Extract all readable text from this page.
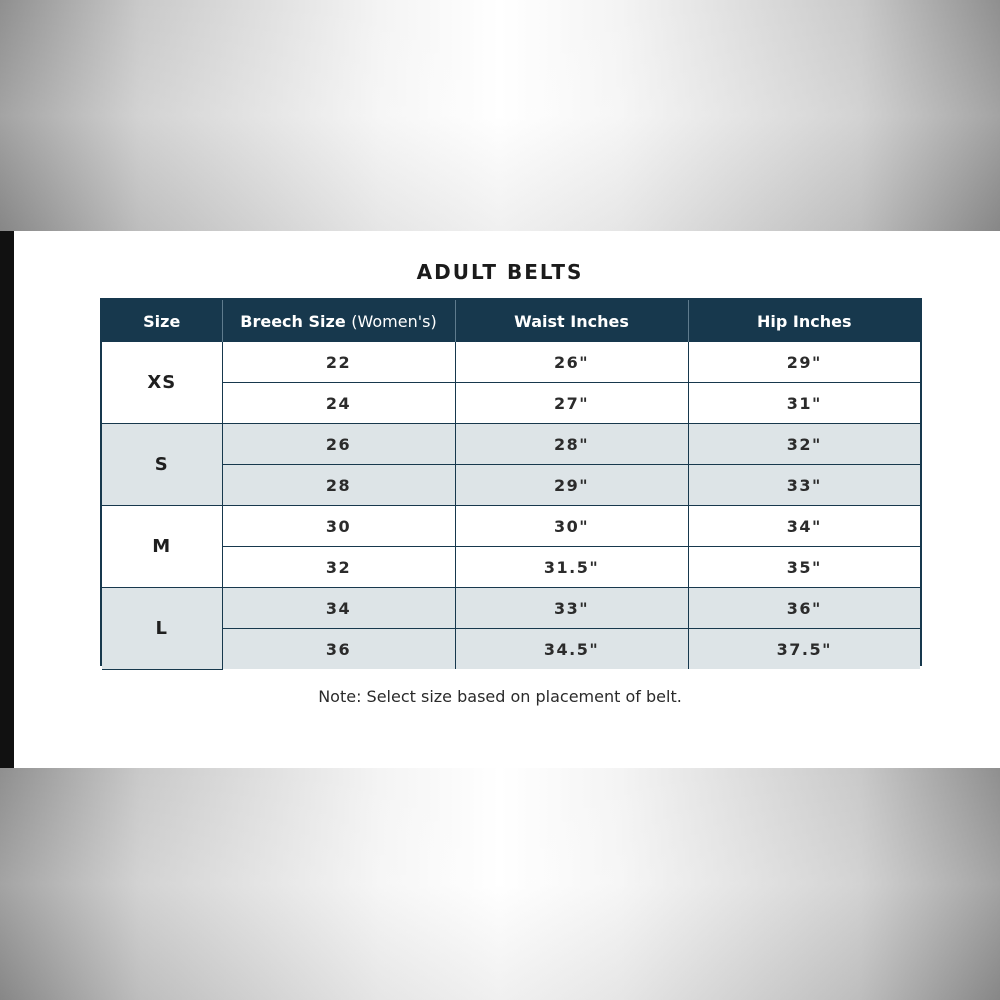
ADULT BELTS
Size	Breech Size (Women's)	Waist Inches	Hip Inches
XS	22	26"	29"
	24	27"	31"
S	26	28"	32"
	28	29"	33"
M	30	30"	34"
	32	31.5"	35"
L	34	33"	36"
	36	34.5"	37.5"
Note: Select size based on placement of belt.
